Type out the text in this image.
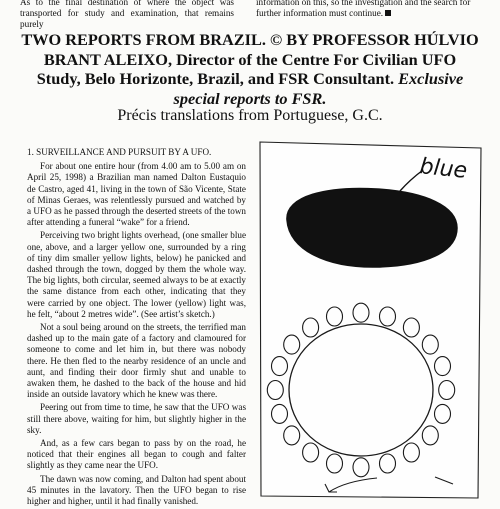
As to the final destination of where the object was transported for study and examination, that remains purely
information on this, so the investigation and the search for further information must continue.
TWO REPORTS FROM BRAZIL. © BY PROFESSOR HÚLVIO BRANT ALEIXO, Director of the Centre For Civilian UFO Study, Belo Horizonte, Brazil, and FSR Consultant. Exclusive special reports to FSR.
Précis translations from Portuguese, G.C.
1. SURVEILLANCE AND PURSUIT BY A UFO.

For about one entire hour (from 4.00 am to 5.00 am on April 25, 1998) a Brazilian man named Dalton Eustaquio de Castro, aged 41, living in the town of São Vicente, State of Minas Geraes, was relentlessly pursued and watched by a UFO as he passed through the deserted streets of the town after attending a funeral “wake” for a friend.

Perceiving two bright lights overhead, (one smaller blue one, above, and a larger yellow one, surrounded by a ring of tiny dim smaller yellow lights, below) he panicked and dashed through the town, dogged by them the whole way. The big lights, both circular, seemed always to be at exactly the same distance from each other, indicating that they were carried by one object. The lower (yellow) light was, he felt, “about 2 metres wide”. (See artist’s sketch.)

Not a soul being around on the streets, the terrified man dashed up to the main gate of a factory and clamoured for someone to come and let him in, but there was nobody there. He then fled to the nearby residence of an uncle and aunt, and finding their door firmly shut and unable to awaken them, he dashed to the back of the house and hid inside an outside lavatory which he knew was there.

Peering out from time to time, he saw that the UFO was still there above, waiting for him, but slightly higher in the sky.

And, as a few cars began to pass by on the road, he noticed that their engines all began to cough and falter slightly as they came near the UFO.

The dawn was now coming, and Dalton had spent about 45 minutes in the lavatory. Then the UFO began to rise higher and higher, until it had finally vanished.

blue
